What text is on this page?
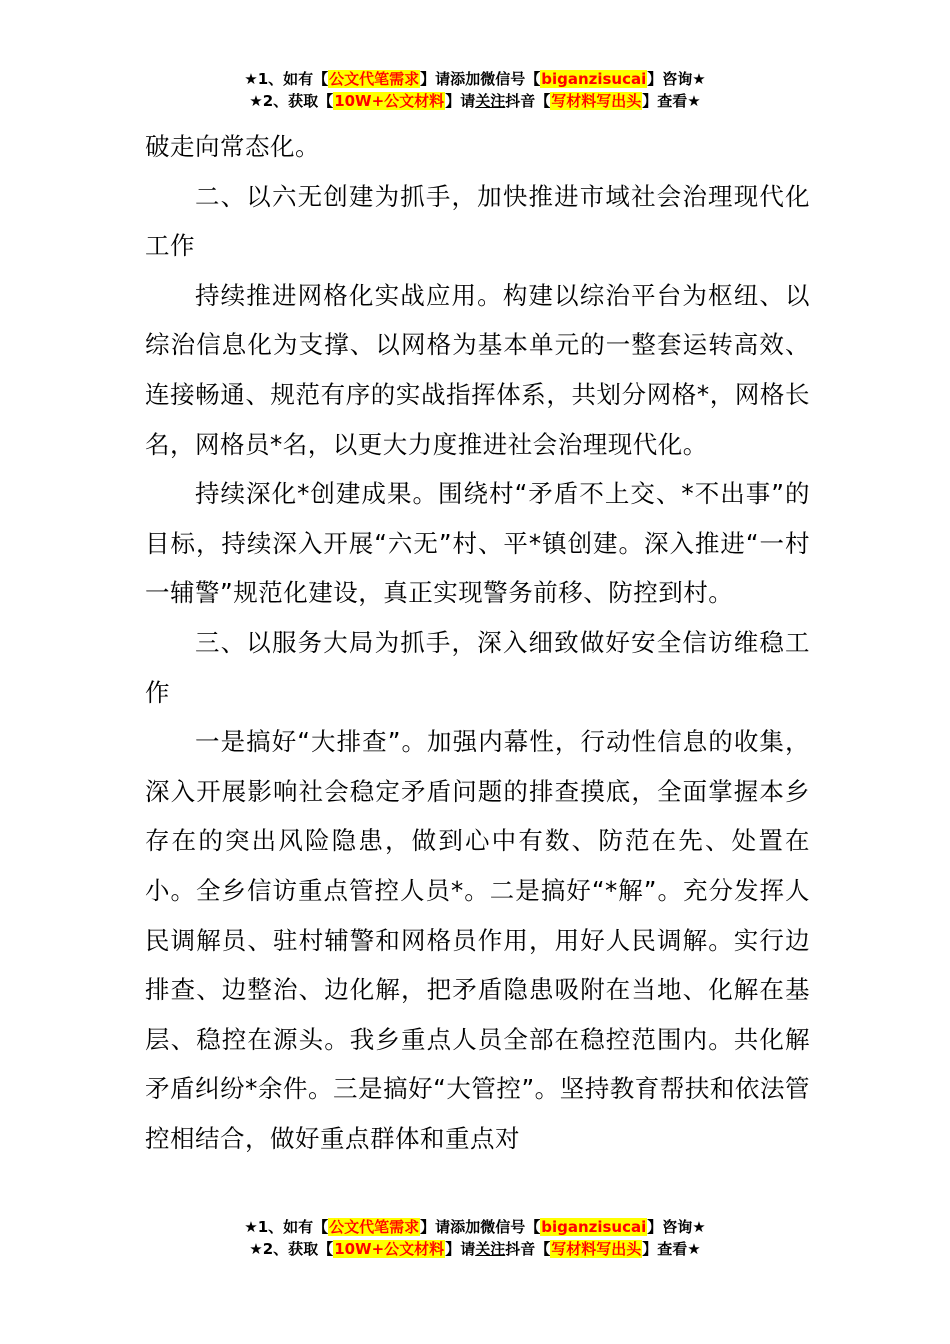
★1、如有【公文代笔需求】请添加微信号【biganzisucai】咨询★
★2、获取【10W+公文材料】请关注抖音【写材料写出头】查看★

破走向常态化。

二、以六无创建为抓手，加快推进市域社会治理现代化工作

持续推进网格化实战应用。构建以综治平台为枢纽、以综治信息化为支撑、以网格为基本单元的一整套运转高效、连接畅通、规范有序的实战指挥体系，共划分网格*，网格长名，网格员*名，以更大力度推进社会治理现代化。

持续深化*创建成果。围绕村“矛盾不上交、*不出事”的目标，持续深入开展“六无”村、平*镇创建。深入推进“一村一辅警”规范化建设，真正实现警务前移、防控到村。

三、以服务大局为抓手，深入细致做好安全信访维稳工作

一是搞好“大排查”。加强内幕性，行动性信息的收集，深入开展影响社会稳定矛盾问题的排查摸底，全面掌握本乡存在的突出风险隐患，做到心中有数、防范在先、处置在小。全乡信访重点管控人员*。二是搞好“*解”。充分发挥人民调解员、驻村辅警和网格员作用，用好人民调解。实行边排查、边整治、边化解，把矛盾隐患吸附在当地、化解在基层、稳控在源头。我乡重点人员全部在稳控范围内。共化解矛盾纠纷*余件。三是搞好“大管控”。坚持教育帮扶和依法管控相结合，做好重点群体和重点对

★1、如有【公文代笔需求】请添加微信号【biganzisucai】咨询★
★2、获取【10W+公文材料】请关注抖音【写材料写出头】查看★
